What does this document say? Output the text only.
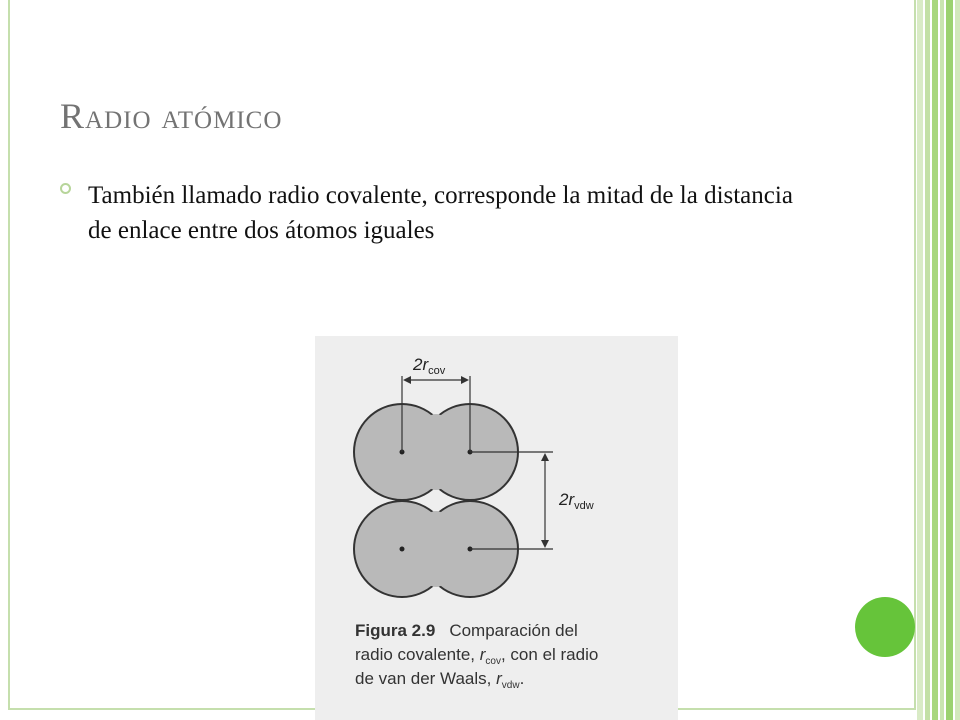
Radio atómico

También llamado radio covalente, corresponde la mitad de la distancia de enlace entre dos átomos iguales

$2r_{cov}$
$2r_{vdw}$
Figura 2.9 Comparación del
radio covalente, $r_{cov}$, con el radio
de van der Waals, $r_{vdw}$.
